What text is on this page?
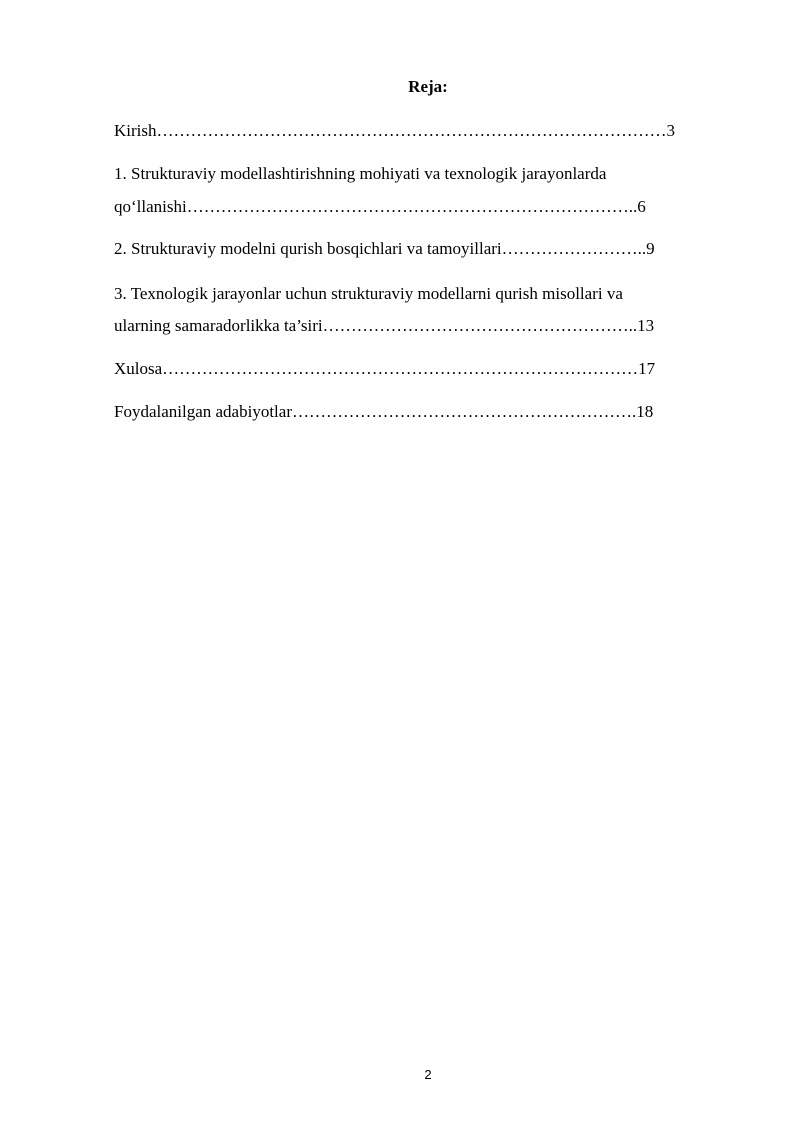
Reja:
Kirish………………………………………………………………………………3
1. Strukturaviy modellashtirishning mohiyati va texnologik jarayonlarda
qo‘llanishi……………………………………………………………………..6
2. Strukturaviy modelni qurish bosqichlari va tamoyillari……………………..9
3. Texnologik jarayonlar uchun strukturaviy modellarni qurish misollari va
ularning samaradorlikka ta’siri………………………………………………..13
Xulosa…………………………………………………………………………17
Foydalanilgan adabiyotlar…………………………………………………….18
2
